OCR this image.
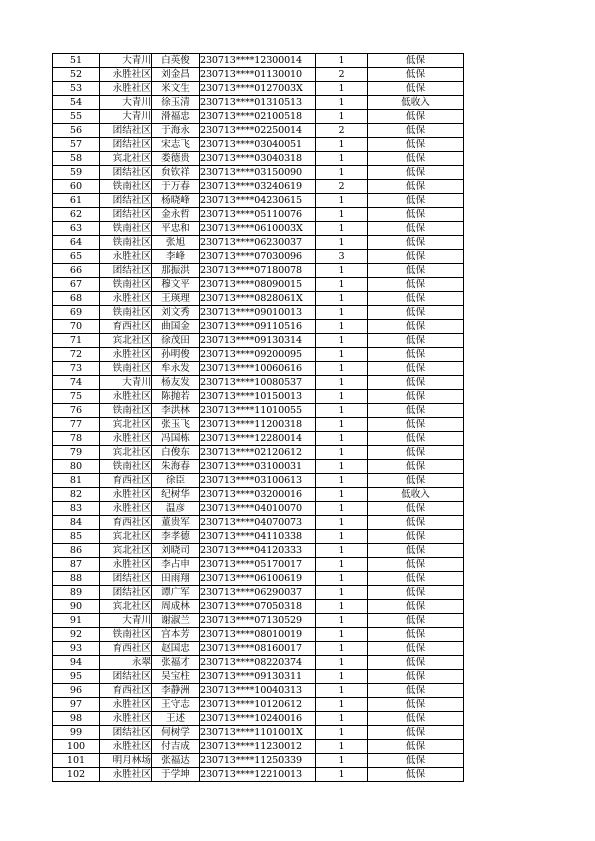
51	大青川	白英俊	230713****12300014	1	低保
52	永胜社区	刘金昌	230713****01130010	2	低保
53	永胜社区	米文生	230713****0127003X	1	低保
54	大青川	徐玉清	230713****01310513	1	低收入
55	大青川	滑福忠	230713****02100518	1	低保
56	团结社区	于海永	230713****02250014	2	低保
57	团结社区	宋志飞	230713****03040051	1	低保
58	宾北社区	娄德贵	230713****03040318	1	低保
59	团结社区	贠钦祥	230713****03150090	1	低保
60	铁南社区	于万春	230713****03240619	2	低保
61	团结社区	杨晓峰	230713****04230615	1	低保
62	团结社区	金永哲	230713****05110076	1	低保
63	铁南社区	平忠和	230713****0610003X	1	低保
64	铁南社区	张旭	230713****06230037	1	低保
65	永胜社区	李峰	230713****07030096	3	低保
66	团结社区	那振洪	230713****07180078	1	低保
67	铁南社区	穆文平	230713****08090015	1	低保
68	永胜社区	王瑛理	230713****0828061X	1	低保
69	铁南社区	刘文秀	230713****09010013	1	低保
70	育西社区	曲国金	230713****09110516	1	低保
71	宾北社区	徐茂田	230713****09130314	1	低保
72	永胜社区	孙明俊	230713****09200095	1	低保
73	铁南社区	牟永发	230713****10060616	1	低保
74	大青川	杨友发	230713****10080537	1	低保
75	永胜社区	陈抛若	230713****10150013	1	低保
76	铁南社区	李洪林	230713****11010055	1	低保
77	宾北社区	张玉飞	230713****11200318	1	低保
78	永胜社区	冯国栋	230713****12280014	1	低保
79	宾北社区	白俊东	230713****02120612	1	低保
80	铁南社区	朱海春	230713****03100031	1	低保
81	育西社区	徐臣	230713****03100613	1	低保
82	永胜社区	纪树华	230713****03200016	1	低收入
83	永胜社区	温彦	230713****04010070	1	低保
84	育西社区	董贵军	230713****04070073	1	低保
85	宾北社区	李孝德	230713****04110338	1	低保
86	宾北社区	刘晓司	230713****04120333	1	低保
87	永胜社区	李占申	230713****05170017	1	低保
88	团结社区	田雨翔	230713****06100619	1	低保
89	团结社区	谭广军	230713****06290037	1	低保
90	宾北社区	周成林	230713****07050318	1	低保
91	大青川	谢淑兰	230713****07130529	1	低保
92	铁南社区	宫本芳	230713****08010019	1	低保
93	育西社区	赵国忠	230713****08160017	1	低保
94	永翠	张福才	230713****08220374	1	低保
95	团结社区	吴宝柱	230713****09130311	1	低保
96	育西社区	李静洲	230713****10040313	1	低保
97	永胜社区	王守志	230713****10120612	1	低保
98	永胜社区	王述	230713****10240016	1	低保
99	团结社区	何树学	230713****1101001X	1	低保
100	永胜社区	付吉成	230713****11230012	1	低保
101	明月林场	张福达	230713****11250339	1	低保
102	永胜社区	于学坤	230713****12210013	1	低保
